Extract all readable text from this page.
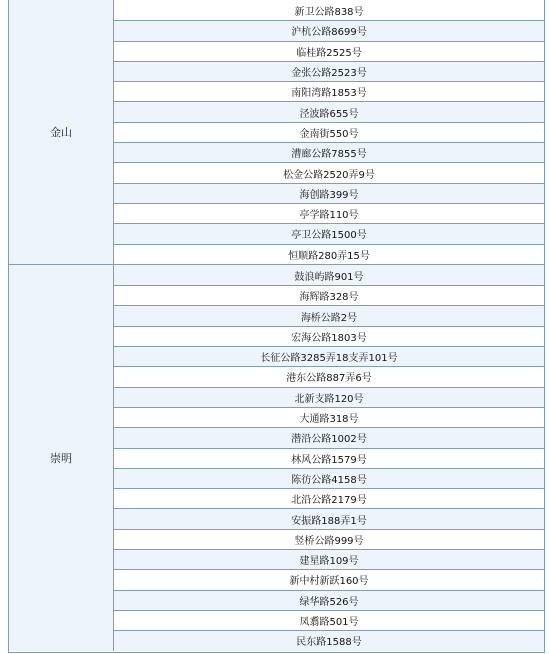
金山
新卫公路838号
沪杭公路8699号
临桂路2525号
金张公路2523号
南阳湾路1853号
泾波路655号
金南街550号
漕廊公路7855号
松金公路2520弄9号
海创路399号
亭学路110号
亭卫公路1500号
恒顺路280弄15号
崇明
鼓浪屿路901号
海辉路328号
海桥公路2号
宏海公路1803号
长征公路3285弄18支弄101号
港东公路887弄6号
北新支路120号
大通路318号
潜沿公路1002号
林风公路1579号
陈彷公路4158号
北沿公路2179号
安振路188弄1号
竖桥公路999号
建星路109号
新中村新跃160号
绿华路526号
凤翥路501号
民东路1588号
